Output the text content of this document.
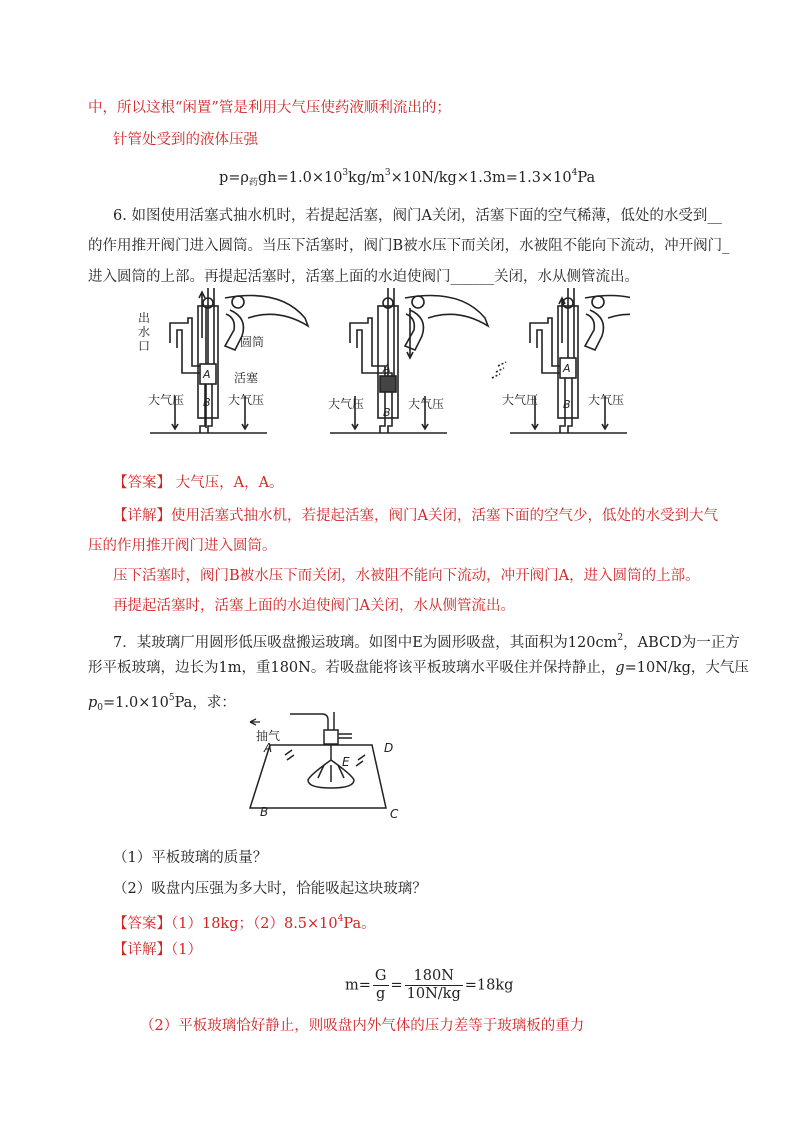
中，所以这根“闲置”管是利用大气压使药液顺利流出的；
针管处受到的液体压强
$p=\rho_药gh=1.0\times 10^3kg/m^3\times 10N/kg\times 1.3m=1.3\times 10^4Pa$
6. 如图使用活塞式抽水机时，若提起活塞，阀门A关闭，活塞下面的空气稀薄，低处的水受到__
的作用推开阀门进入圆筒。当压下活塞时，阀门B被水压下而关闭，水被阻不能向下流动，冲开阀门_
进入圆筒的上部。再提起活塞时，活塞上面的水迫使阀门______关闭，水从侧管流出。
A
B
A
B
A
B
出
水
口	圆筒
活塞
大气压	大气压	大气压	大气压	大气压	大气压
【答案】 大气压，A，A。
【详解】使用活塞式抽水机，若提起活塞，阀门A关闭，活塞下面的空气少，低处的水受到大气
压的作用推开阀门进入圆筒。
压下活塞时，阀门B被水压下而关闭，水被阻不能向下流动，冲开阀门A，进入圆筒的上部。
再提起活塞时，活塞上面的水迫使阀门A关闭，水从侧管流出。
7．某玻璃厂用圆形低压吸盘搬运玻璃。如图中E为圆形吸盘，其面积为$120cm^2$，ABCD为一正方
形平板玻璃，边长为1m，重180N。若吸盘能将该平板玻璃水平吸住并保持静止，g=10N/kg，大气压
$p_0=1.0\times 10^5Pa$，求：
抽气
A	D
B	C
E
（1）平板玻璃的质量？
（2）吸盘内压强为多大时，恰能吸起这块玻璃？
【答案】（1）18kg；$(2)8.5\times 10^4Pa$。
【详解】（1）
$m= \frac{G}{g} = \frac{180N}{10N/kg} =18kg$
（2）平板玻璃恰好静止，则吸盘内外气体的压力差等于玻璃板的重力
